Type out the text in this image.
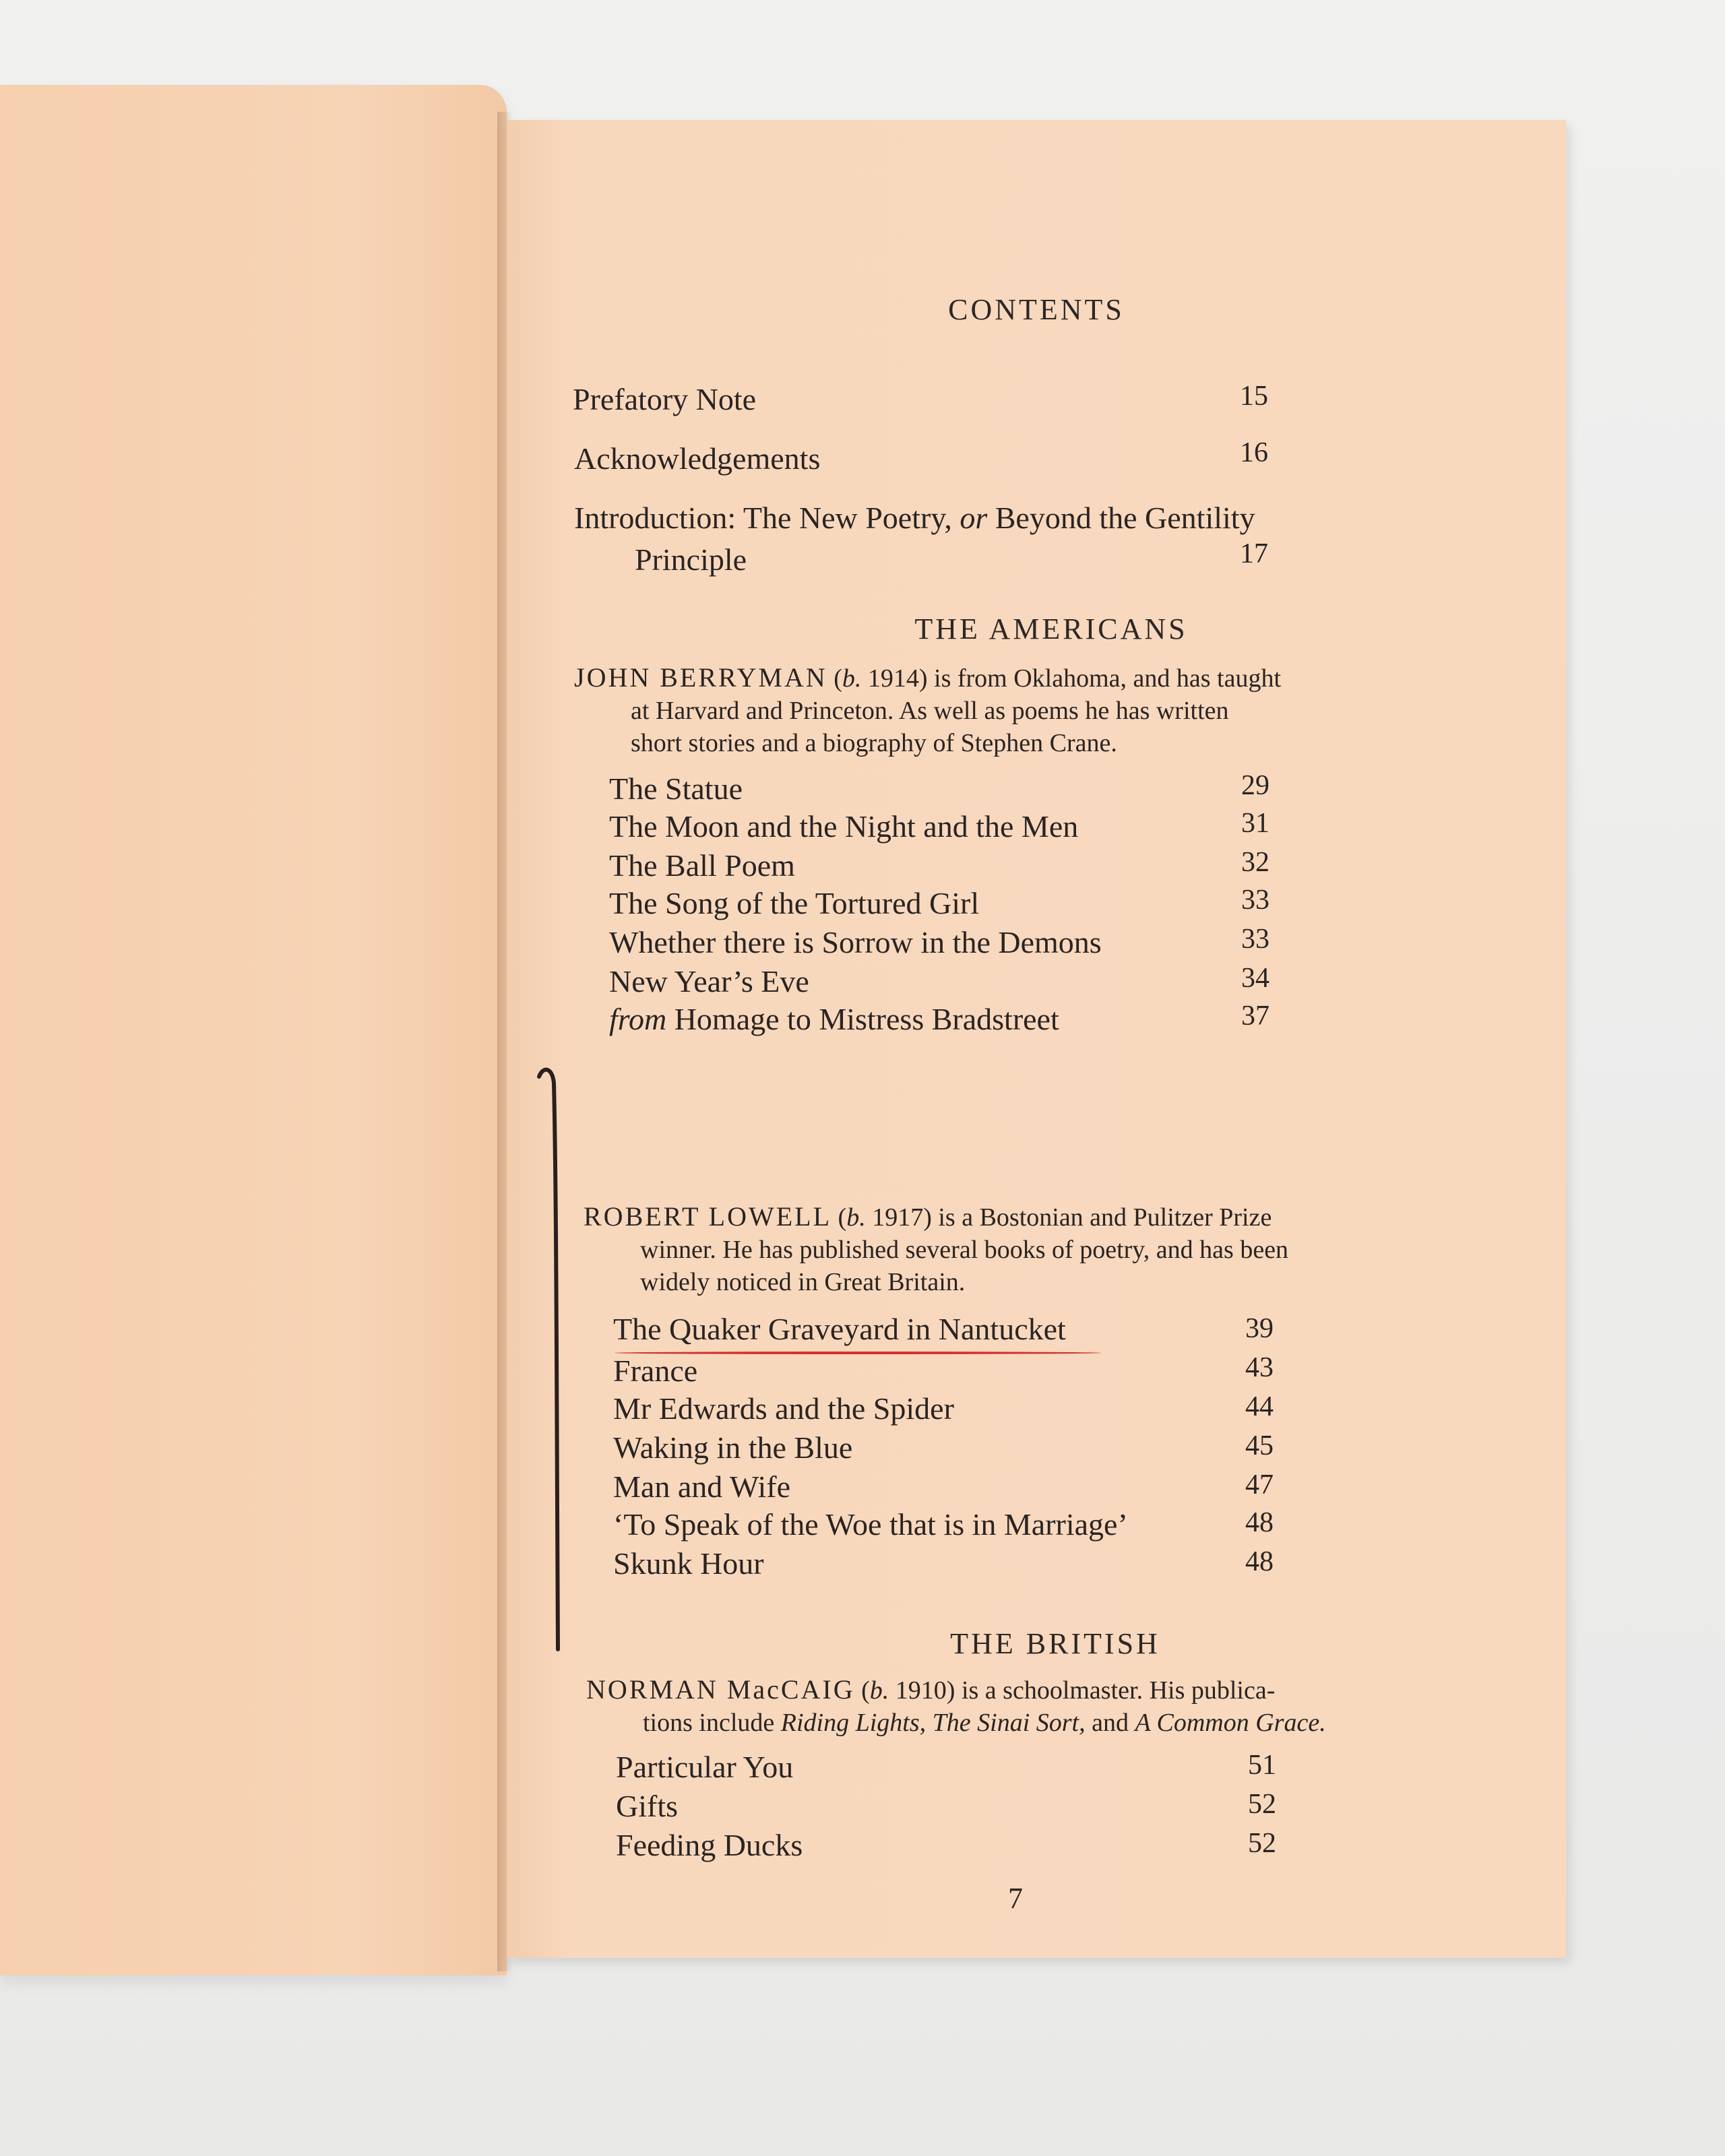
CONTENTS
Prefatory Note	15
Acknowledgements	16
Introduction: The New Poetry, or Beyond the Gentility
Principle	17
THE AMERICANS
JOHN BERRYMAN (b. 1914) is from Oklahoma, and has taught
at Harvard and Princeton. As well as poems he has written
short stories and a biography of Stephen Crane.
The Statue	29
The Moon and the Night and the Men	31
The Ball Poem	32
The Song of the Tortured Girl	33
Whether there is Sorrow in the Demons	33
New Year’s Eve	34
from Homage to Mistress Bradstreet	37
ROBERT LOWELL (b. 1917) is a Bostonian and Pulitzer Prize
winner. He has published several books of poetry, and has been
widely noticed in Great Britain.
The Quaker Graveyard in Nantucket	39
France	43
Mr Edwards and the Spider	44
Waking in the Blue	45
Man and Wife	47
‘To Speak of the Woe that is in Marriage’	48
Skunk Hour	48
THE BRITISH
NORMAN MacCAIG (b. 1910) is a schoolmaster. His publica-
tions include Riding Lights, The Sinai Sort, and A Common Grace.
Particular You	51
Gifts	52
Feeding Ducks	52
7
